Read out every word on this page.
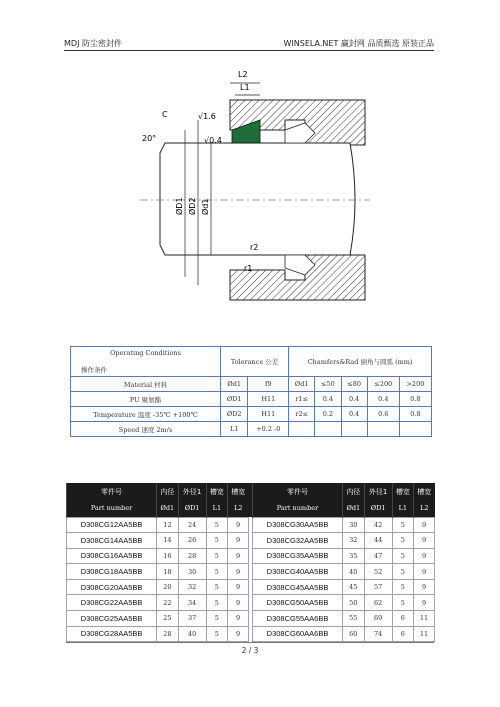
MDJ 防尘密封件	WINSELA.NET 赢封网 品质甄选 原装正品
L2
L1
C
20°
√1.6
√0.4
ØD1 ØD2 Ød1
r2
r1
Operating Conditions
操作条件	Tolerance 公差		Chamfers&Rad 倒角与圆弧 (mm)				

Material 材料	Ød1	f9	Ød1	≤50	≤80	≤200	>200
PU 聚氨酯	ØD1	H11	r1≤	0.4	0.4	0.4	0.8
Temperature 温度 -35℃ +100℃	ØD2	H11	r2≤	0.2	0.4	0.6	0.8
Speed 速度 2m/s	L1	+0.2 -0					
零件号	内径	外径1	槽宽	槽宽		零件号	内径	外径1	槽宽	槽宽
Part number	Ød1	ØD1	L1	L2		Part number	Ød1	ØD1	L1	L2
D308CG12AA5BB	12	24	5	9		D308CG30AA5BB	30	42	5	9
D308CG14AA5BB	14	26	5	9		D308CG32AA5BB	32	44	5	9
D308CG16AA5BB	16	28	5	9		D308CG35AA5BB	35	47	5	9
D308CG18AA5BB	18	30	5	9		D308CG40AA5BB	40	52	5	9
D308CG20AA5BB	20	32	5	9		D308CG45AA5BB	45	57	5	9
D308CG22AA5BB	22	34	5	9		D308CG50AA5BB	50	62	5	9
D308CG25AA5BB	25	37	5	9		D308CG55AA6BB	55	69	6	11
D308CG28AA5BB	28	40	5	9		D308CG60AA6BB	60	74	6	11
2 / 3
